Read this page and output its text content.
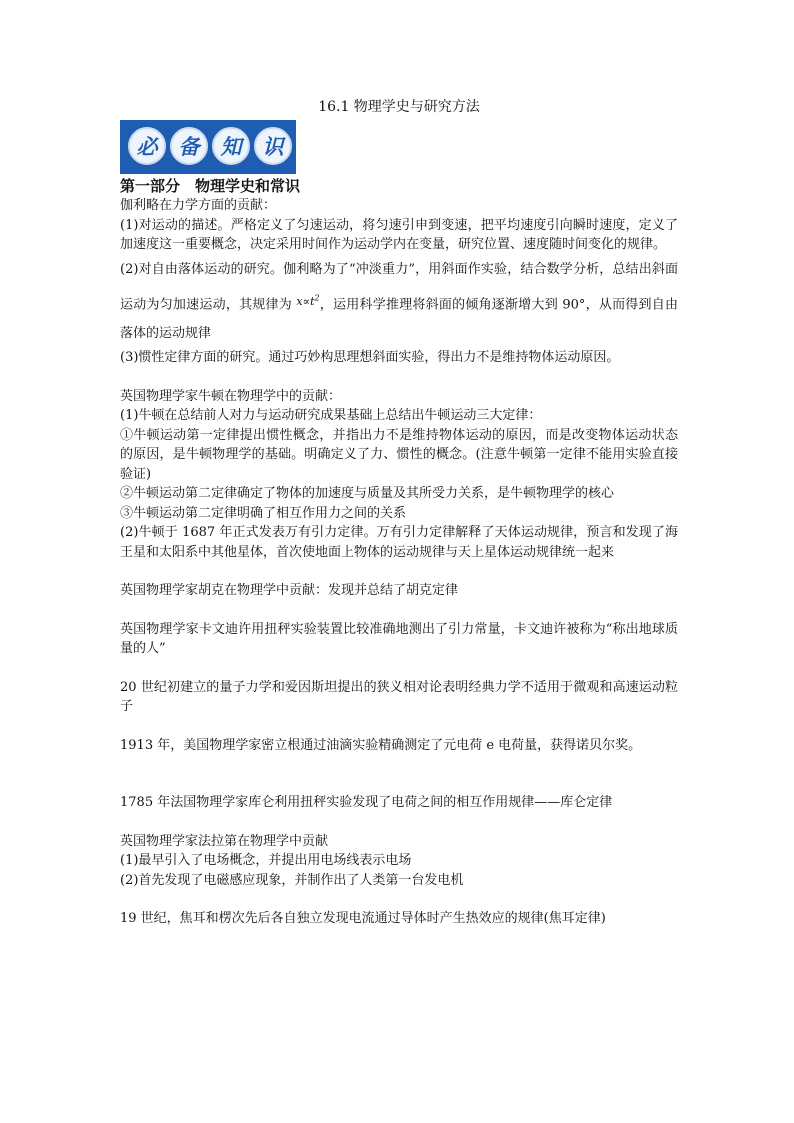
16.1 物理学史与研究方法
必	备	知	识
第一部分　物理学史和常识

伽利略在力学方面的贡献：

(1)对运动的描述。严格定义了匀速运动，将匀速引申到变速，把平均速度引向瞬时速度，定义了加速度这一重要概念，决定采用时间作为运动学内在变量，研究位置、速度随时间变化的规律。

(2)对自由落体运动的研究。伽利略为了“冲淡重力”，用斜面作实验，结合数学分析，总结出斜面运动为匀加速运动，其规律为 $^{x\propto t^2}$，运用科学推理将斜面的倾角逐渐增大到 90°，从而得到自由落体的运动规律

(3)惯性定律方面的研究。通过巧妙构思理想斜面实验，得出力不是维持物体运动原因。

英国物理学家牛顿在物理学中的贡献：

(1)牛顿在总结前人对力与运动研究成果基础上总结出牛顿运动三大定律：

①牛顿运动第一定律提出惯性概念，并指出力不是维持物体运动的原因，而是改变物体运动状态的原因，是牛顿物理学的基础。明确定义了力、惯性的概念。(注意牛顿第一定律不能用实验直接验证)

②牛顿运动第二定律确定了物体的加速度与质量及其所受力关系，是牛顿物理学的核心

③牛顿运动第二定律明确了相互作用力之间的关系

(2)牛顿于 1687 年正式发表万有引力定律。万有引力定律解释了天体运动规律，预言和发现了海王星和太阳系中其他星体，首次使地面上物体的运动规律与天上星体运动规律统一起来

英国物理学家胡克在物理学中贡献：发现并总结了胡克定律

英国物理学家卡文迪许用扭秤实验装置比较准确地测出了引力常量，卡文迪许被称为“称出地球质量的人”

20 世纪初建立的量子力学和爱因斯坦提出的狭义相对论表明经典力学不适用于微观和高速运动粒子

1913 年，美国物理学家密立根通过油滴实验精确测定了元电荷 e 电荷量，获得诺贝尔奖。

1785 年法国物理学家库仑利用扭秤实验发现了电荷之间的相互作用规律——库仑定律

英国物理学家法拉第在物理学中贡献

(1)最早引入了电场概念，并提出用电场线表示电场

(2)首先发现了电磁感应现象，并制作出了人类第一台发电机

19 世纪，焦耳和楞次先后各自独立发现电流通过导体时产生热效应的规律(焦耳定律)
